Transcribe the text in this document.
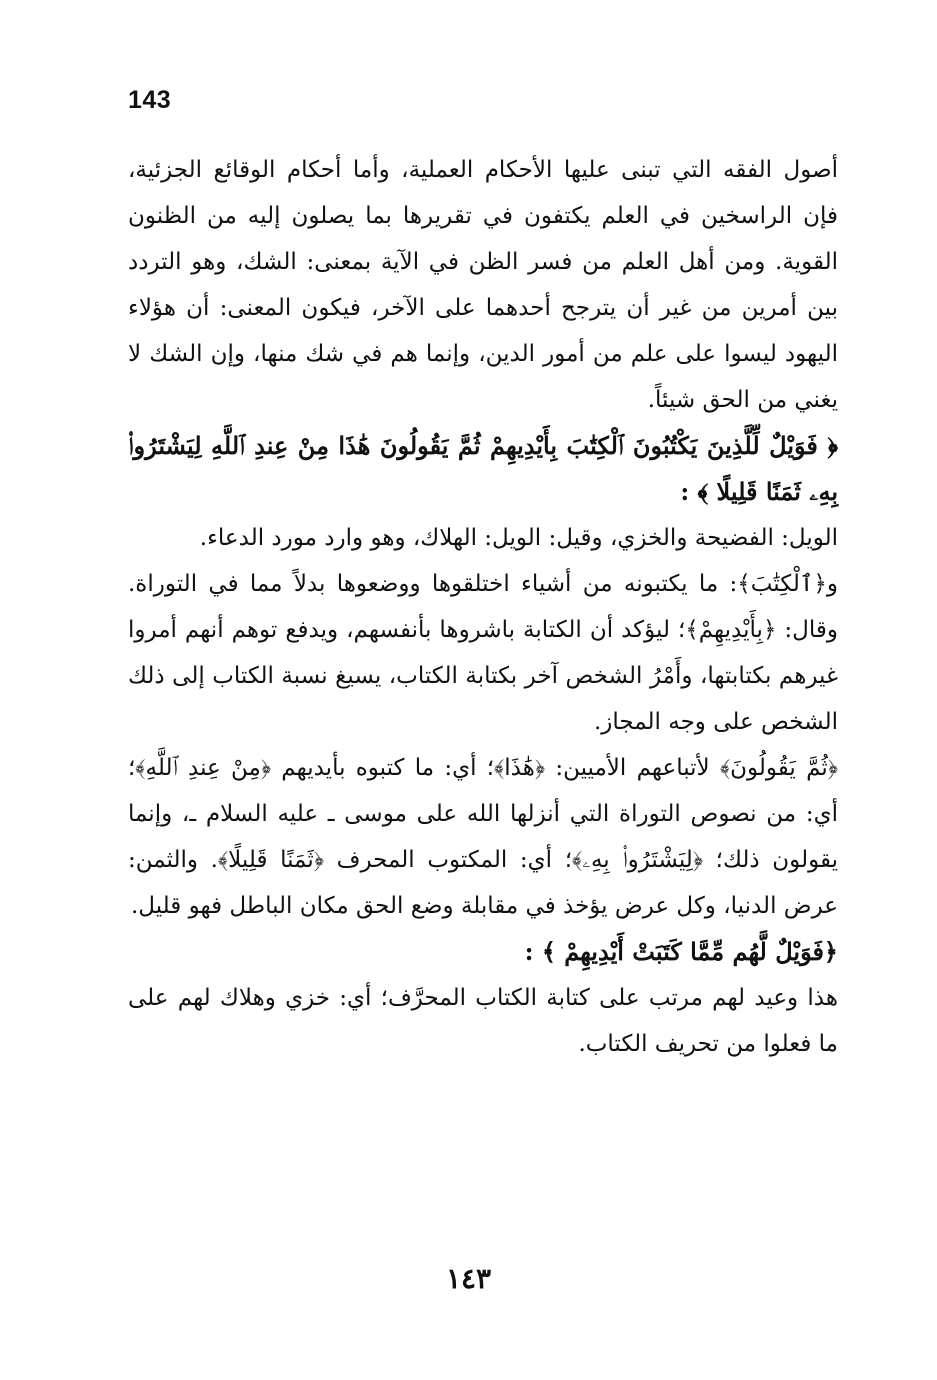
143

أصول الفقه التي تبنى عليها الأحكام العملية، وأما أحكام الوقائع الجزئية، فإن الراسخين في العلم يكتفون في تقريرها بما يصلون إليه من الظنون القوية. ومن أهل العلم من فسر الظن في الآية بمعنى: الشك، وهو التردد بين أمرين من غير أن يترجح أحدهما على الآخر، فيكون المعنى: أن هؤلاء اليهود ليسوا على علم من أمور الدين، وإنما هم في شك منها، وإن الشك لا يغني من الحق شيئاً.

﴿ فَوَيْلٌ لِّلَّذِينَ يَكْتُبُونَ ٱلْكِتَٰبَ بِأَيْدِيهِمْ ثُمَّ يَقُولُونَ هَٰذَا مِنْ عِندِ ٱللَّهِ لِيَشْتَرُوا۟ بِهِۦ ثَمَنًا قَلِيلًا ﴾ :

الويل: الفضيحة والخزي، وقيل: الويل: الهلاك، وهو وارد مورد الدعاء.

و﴿ٱلْكِتَٰبَ﴾: ما يكتبونه من أشياء اختلقوها ووضعوها بدلاً مما في التوراة. وقال: ﴿بِأَيْدِيهِمْ﴾؛ ليؤكد أن الكتابة باشروها بأنفسهم، ويدفع توهم أنهم أمروا غيرهم بكتابتها، وأَمْرُ الشخص آخر بكتابة الكتاب، يسيغ نسبة الكتاب إلى ذلك الشخص على وجه المجاز.

﴿ثُمَّ يَقُولُونَ﴾ لأتباعهم الأميين: ﴿هَٰذَا﴾؛ أي: ما كتبوه بأيديهم ﴿مِنْ عِندِ ٱللَّهِ﴾؛ أي: من نصوص التوراة التي أنزلها الله على موسى ـ عليه السلام ـ، وإنما يقولون ذلك؛ ﴿لِيَشْتَرُوا۟ بِهِۦ﴾؛ أي: المكتوب المحرف ﴿ثَمَنًا قَلِيلًا﴾. والثمن: عرض الدنيا، وكل عرض يؤخذ في مقابلة وضع الحق مكان الباطل فهو قليل.

﴿فَوَيْلٌ لَّهُم مِّمَّا كَتَبَتْ أَيْدِيهِمْ ﴾ :

هذا وعيد لهم مرتب على كتابة الكتاب المحرَّف؛ أي: خزي وهلاك لهم على ما فعلوا من تحريف الكتاب.

١٤٣
